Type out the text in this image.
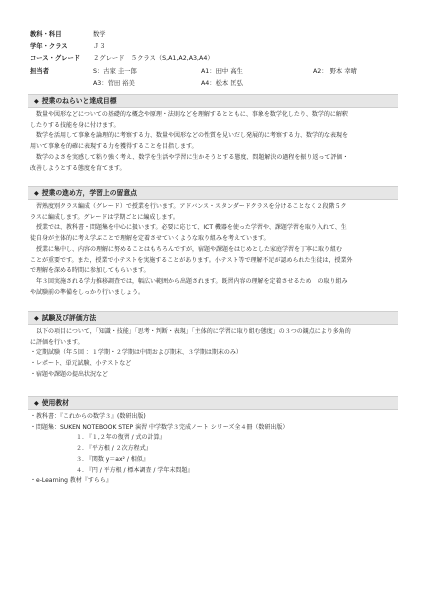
教科・科目	数学
学年・クラス	Ｊ３
コース・グレード ２グレード　５クラス（S,A1,A2,A3,A4）
担当者	S：古家 圭一郎	A1：田中 高生	A2： 野本 幸晴
A3：菅田 裕美	A4：松本 匡弘
◆ 授業のねらいと達成目標

数量や図形などについての基礎的な概念や原理・法則などを理解するとともに、事象を数学化したり、数学的に解釈

したりする技能を身に付けます。

数学を活用して事象を論理的に考察する力、数量や図形などの性質を見いだし発展的に考察する力、数学的な表現を

用いて事象を的確に表現する力を獲得することを目指します。

数学のよさを実感して粘り強く考え、数学を生活や学習に生かそうとする態度、問題解決の過程を振り返って評価・

改善しようとする態度を育てます。

◆ 授業の進め方，学習上の留意点

習熟度別クラス編成（グレード）で授業を行います。アドバンス・スタンダードクラスを分けることなく２段階５ク

ラスに編成します。グレードは学期ごとに編成します。

授業では、教科書・問題集を中心に扱います。必要に応じて、ICT 機器を使った学習や、課題学習を取り入れて、生

徒自身が主体的に考え学ぶことで理解を定着させていくような取り組みを考えています。

授業に集中し、内容の理解に努めることはもちろんですが，宿題や課題をはじめとした家庭学習を丁寧に取り組む

ことが重要です。また，授業で小テストを実施することがあります。小テスト等で理解不足が認められた生徒は，授業外

で理解を深める時間に参加してもらいます。

年３回実施される学力推移調査では，幅広い範囲から出題されます。既習内容の理解を定着させるため　の取り組み

や試験前の準備をしっかり行いましょう。

◆ 試験及び評価方法

以下の項目について，「知識・技能」「思考・判断・表現」「主体的に学習に取り組む態度」の３つの観点により多角的

に評価を行います。

・定期試験（年５回 ：１学期・２学期は中間および期末、３学期は期末のみ）

・レポート、単元試験、小テストなど

・宿題や課題の提出状況など

◆ 使用教材

・教科書：『これからの数学３』(数研出版)

・問題集：SUKEN NOTEBOOK STEP 演習 中学数学３完成ノート シリーズ全４冊（数研出版）

１. 『１,２年の復習 / 式の計算』

２. 『平方根 / ２次方程式』

３. 『関数 y＝ax² / 相似』

４. 『円 / 平方根 / 標本調査 / 学年末問題』

・e-Learning 教材『すらら』
